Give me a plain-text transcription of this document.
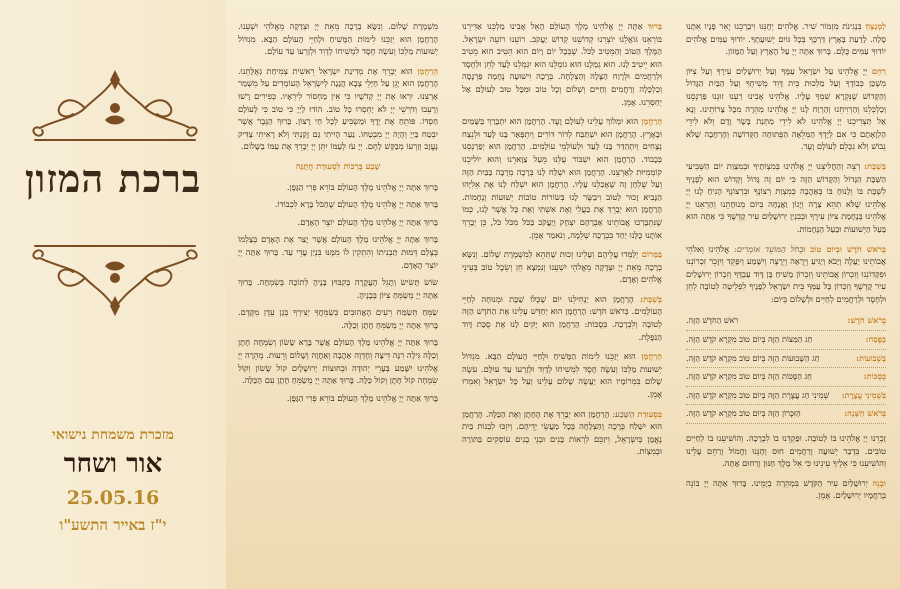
ברכת המזון
מזכרת משמחת נישואי
אור ושחר
25.05.16
י"ז באייר התשע"ו

מִשְׁמֶרֶת שָׁלוֹם. וְנִשָּׂא בְרָכָה מֵאֵת יְיָ וּצְדָקָה מֵאֱלֹהֵי יִשְׁעֵנוּ. הָרַחֲמָן הוּא יְזַכֵּנוּ לִימוֹת הַמָּשִׁיחַ וּלְחַיֵּי הָעוֹלָם הַבָּא. מִגְדּוֹל יְשׁוּעוֹת מַלְכּוֹ וְעֹשֶׂה חֶסֶד לִמְשִׁיחוֹ לְדָוִד וּלְזַרְעוֹ עַד עוֹלָם.

הָרַחֲמָן הוּא יְבָרֵךְ אֶת מְדִינַת יִשְׂרָאֵל רֵאשִׁית צְמִיחַת גְּאֻלָּתֵנוּ. הָרַחֲמָן הוּא יָגֵן עַל חַיָּלֵי צְבָא הֲגָנָה לְיִשְׂרָאֵל הָעוֹמְדִים עַל מִשְׁמַר אַרְצֵנוּ. יִרְאוּ אֶת יְיָ קְדֹשָׁיו כִּי אֵין מַחְסוֹר לִירֵאָיו. כְּפִירִים רָשׁוּ וְרָעֵבוּ וְדֹרְשֵׁי יְיָ לֹא יַחְסְרוּ כָל טוֹב. הוֹדוּ לַיְיָ כִּי טוֹב כִּי לְעוֹלָם חַסְדּוֹ. פּוֹתֵחַ אֶת יָדֶךָ וּמַשְׂבִּיעַ לְכָל חַי רָצוֹן. בָּרוּךְ הַגֶּבֶר אֲשֶׁר יִבְטַח בַּיְיָ וְהָיָה יְיָ מִבְטַחוֹ. נַעַר הָיִיתִי גַּם זָקַנְתִּי וְלֹא רָאִיתִי צַדִּיק נֶעֱזָב וְזַרְעוֹ מְבַקֶּשׁ לָחֶם. יְיָ עֹז לְעַמּוֹ יִתֵּן יְיָ יְבָרֵךְ אֶת עַמּוֹ בַשָּׁלוֹם.

שֶׁבַע בְּרָכוֹת לִסְעוּדַת חֲתֻנָּה

בָּרוּךְ אַתָּה יְיָ אֱלֹהֵינוּ מֶלֶךְ הָעוֹלָם בּוֹרֵא פְּרִי הַגָּפֶן.

בָּרוּךְ אַתָּה יְיָ אֱלֹהֵינוּ מֶלֶךְ הָעוֹלָם שֶׁהַכֹּל בָּרָא לִכְבוֹדוֹ.

בָּרוּךְ אַתָּה יְיָ אֱלֹהֵינוּ מֶלֶךְ הָעוֹלָם יוֹצֵר הָאָדָם.

בָּרוּךְ אַתָּה יְיָ אֱלֹהֵינוּ מֶלֶךְ הָעוֹלָם אֲשֶׁר יָצַר אֶת הָאָדָם בְּצַלְמוֹ בְּצֶלֶם דְּמוּת תַּבְנִיתוֹ וְהִתְקִין לוֹ מִמֶּנּוּ בִּנְיַן עֲדֵי עַד. בָּרוּךְ אַתָּה יְיָ יוֹצֵר הָאָדָם.

שׂוֹשׂ תָּשִׂישׂ וְתָגֵל הָעֲקָרָה בְּקִבּוּץ בָּנֶיהָ לְתוֹכָהּ בְּשִׂמְחָה. בָּרוּךְ אַתָּה יְיָ מְשַׂמֵּחַ צִיּוֹן בְּבָנֶיהָ.

שַׂמֵּחַ תְּשַׂמַּח רֵעִים הָאֲהוּבִים כְּשַׂמֵּחֲךָ יְצִירְךָ בְּגַן עֵדֶן מִקֶּדֶם. בָּרוּךְ אַתָּה יְיָ מְשַׂמֵּחַ חָתָן וְכַלָּה.

בָּרוּךְ אַתָּה יְיָ אֱלֹהֵינוּ מֶלֶךְ הָעוֹלָם אֲשֶׁר בָּרָא שָׂשׂוֹן וְשִׂמְחָה חָתָן וְכַלָּה גִּילָה רִנָּה דִּיצָה וְחֶדְוָה אַהֲבָה וְאַחֲוָה וְשָׁלוֹם וְרֵעוּת. מְהֵרָה יְיָ אֱלֹהֵינוּ יִשָּׁמַע בְּעָרֵי יְהוּדָה וּבְחוּצוֹת יְרוּשָׁלָיִם קוֹל שָׂשׂוֹן וְקוֹל שִׂמְחָה קוֹל חָתָן וְקוֹל כַּלָּה. בָּרוּךְ אַתָּה יְיָ מְשַׂמֵּחַ חָתָן עִם הַכַּלָּה.

בָּרוּךְ אַתָּה יְיָ אֱלֹהֵינוּ מֶלֶךְ הָעוֹלָם בּוֹרֵא פְּרִי הַגָּפֶן.

בָּרוּךְ אַתָּה יְיָ אֱלֹהֵינוּ מֶלֶךְ הָעוֹלָם הָאֵל אָבִינוּ מַלְכֵּנוּ אַדִּירֵנוּ בּוֹרְאֵנוּ גּוֹאֲלֵנוּ יוֹצְרֵנוּ קְדוֹשֵׁנוּ קְדוֹשׁ יַעֲקֹב. רוֹעֵנוּ רוֹעֵה יִשְׂרָאֵל. הַמֶּלֶךְ הַטּוֹב וְהַמֵּטִיב לַכֹּל. שֶׁבְּכָל יוֹם וָיוֹם הוּא הֵטִיב הוּא מֵטִיב הוּא יֵיטִיב לָנוּ. הוּא גְמָלָנוּ הוּא גוֹמְלֵנוּ הוּא יִגְמְלֵנוּ לָעַד לְחֵן וּלְחֶסֶד וּלְרַחֲמִים וּלְרֶוַח הַצָּלָה וְהַצְלָחָה. בְּרָכָה וִישׁוּעָה נֶחָמָה פַּרְנָסָה וְכַלְכָּלָה וְרַחֲמִים וְחַיִּים וְשָׁלוֹם וְכָל טוֹב וּמִכָּל טוּב לְעוֹלָם אַל יְחַסְּרֵנוּ. אָמֵן.

הָרַחֲמָן הוּא יִמְלוֹךְ עָלֵינוּ לְעוֹלָם וָעֶד. הָרַחֲמָן הוּא יִתְבָּרַךְ בַּשָּׁמַיִם וּבָאָרֶץ. הָרַחֲמָן הוּא יִשְׁתַּבַּח לְדוֹר דּוֹרִים וְיִתְפָּאַר בָּנוּ לָעַד וּלְנֵצַח נְצָחִים וְיִתְהַדַּר בָּנוּ לָעַד וּלְעוֹלְמֵי עוֹלָמִים. הָרַחֲמָן הוּא יְפַרְנְסֵנוּ בְּכָבוֹד. הָרַחֲמָן הוּא יִשְׁבּוֹר עֻלֵּנוּ מֵעַל צַוָּארֵנוּ וְהוּא יוֹלִיכֵנוּ קוֹמְמִיּוּת לְאַרְצֵנוּ. הָרַחֲמָן הוּא יִשְׁלַח לָנוּ בְּרָכָה מְרֻבָּה בַּבַּיִת הַזֶּה וְעַל שֻׁלְחָן זֶה שֶׁאָכַלְנוּ עָלָיו. הָרַחֲמָן הוּא יִשְׁלַח לָנוּ אֶת אֵלִיָּהוּ הַנָּבִיא זָכוּר לַטּוֹב וִיבַשֶּׂר לָנוּ בְּשׂוֹרוֹת טוֹבוֹת יְשׁוּעוֹת וְנֶחָמוֹת. הָרַחֲמָן הוּא יְבָרֵךְ אֶת בַּעֲלִי וְאֶת אִשְׁתִּי וְאֶת כָּל אֲשֶׁר לָנוּ, כְּמוֹ שֶׁנִּתְבָּרְכוּ אֲבוֹתֵינוּ אַבְרָהָם יִצְחָק וְיַעֲקֹב בַּכֹּל מִכֹּל כֹּל, כֵּן יְבָרֵךְ אוֹתָנוּ כֻּלָּנוּ יַחַד בִּבְרָכָה שְׁלֵמָה, וְנֹאמַר אָמֵן.

בַּמָּרוֹם יְלַמְּדוּ עֲלֵיהֶם וְעָלֵינוּ זְכוּת שֶׁתְּהֵא לְמִשְׁמֶרֶת שָׁלוֹם. וְנִשָּׂא בְרָכָה מֵאֵת יְיָ וּצְדָקָה מֵאֱלֹהֵי יִשְׁעֵנוּ וְנִמְצָא חֵן וְשֵׂכֶל טוֹב בְּעֵינֵי אֱלֹהִים וְאָדָם.

בְּשַׁבָּת: הָרַחֲמָן הוּא יַנְחִילֵנוּ יוֹם שֶׁכֻּלּוֹ שַׁבָּת וּמְנוּחָה לְחַיֵּי הָעוֹלָמִים. בְּרֹאשׁ חֹדֶשׁ: הָרַחֲמָן הוּא יְחַדֵּשׁ עָלֵינוּ אֶת הַחֹדֶשׁ הַזֶּה לְטוֹבָה וְלִבְרָכָה. בְּסֻכּוֹת: הָרַחֲמָן הוּא יָקִים לָנוּ אֶת סֻכַּת דָּוִד הַנֹּפָלֶת.

הָרַחֲמָן הוּא יְזַכֵּנוּ לִימוֹת הַמָּשִׁיחַ וּלְחַיֵּי הָעוֹלָם הַבָּא. מִגְדּוֹל יְשׁוּעוֹת מַלְכּוֹ וְעֹשֶׂה חֶסֶד לִמְשִׁיחוֹ לְדָוִד וּלְזַרְעוֹ עַד עוֹלָם. עֹשֶׂה שָׁלוֹם בִּמְרוֹמָיו הוּא יַעֲשֶׂה שָׁלוֹם עָלֵינוּ וְעַל כָּל יִשְׂרָאֵל וְאִמְרוּ אָמֵן.

בִּסְעוּדַת הַשֶּׁבַע: הָרַחֲמָן הוּא יְבָרֵךְ אֶת הֶחָתָן וְאֶת הַכַּלָּה. הָרַחֲמָן הוּא יִשְׁלַח בְּרָכָה וְהַצְלָחָה בְּכָל מַעֲשֵׂי יְדֵיהֶם. וְיִזְכּוּ לִבְנוֹת בַּיִת נֶאֱמָן בְּיִשְׂרָאֵל, וִיזַכֵּם לִרְאוֹת בָּנִים וּבְנֵי בָנִים עוֹסְקִים בַּתּוֹרָה וּבְמִצְוֹת.

לַמְנַצֵּחַ בִּנְגִינֹת מִזְמוֹר שִׁיר. אֱלֹהִים יְחָנֵּנוּ וִיבָרְכֵנוּ יָאֵר פָּנָיו אִתָּנוּ סֶלָה. לָדַעַת בָּאָרֶץ דַּרְכֶּךָ בְּכָל גּוֹיִם יְשׁוּעָתֶךָ. יוֹדוּךָ עַמִּים אֱלֹהִים יוֹדוּךָ עַמִּים כֻּלָּם. בָּרוּךְ אַתָּה יְיָ עַל הָאָרֶץ וְעַל הַמָּזוֹן.

רַחֵם יְיָ אֱלֹהֵינוּ עַל יִשְׂרָאֵל עַמֶּךָ וְעַל יְרוּשָׁלַיִם עִירֶךָ וְעַל צִיּוֹן מִשְׁכַּן כְּבוֹדֶךָ וְעַל מַלְכוּת בֵּית דָּוִד מְשִׁיחֶךָ וְעַל הַבַּיִת הַגָּדוֹל וְהַקָּדוֹשׁ שֶׁנִּקְרָא שִׁמְךָ עָלָיו. אֱלֹהֵינוּ אָבִינוּ רְעֵנוּ זוּנֵנוּ פַּרְנְסֵנוּ וְכַלְכְּלֵנוּ וְהַרְוִיחֵנוּ וְהַרְוַח לָנוּ יְיָ אֱלֹהֵינוּ מְהֵרָה מִכָּל צָרוֹתֵינוּ. וְנָא אַל תַּצְרִיכֵנוּ יְיָ אֱלֹהֵינוּ לֹא לִידֵי מַתְּנַת בָּשָׂר וָדָם וְלֹא לִידֵי הַלְוָאָתָם כִּי אִם לְיָדְךָ הַמְּלֵאָה הַפְּתוּחָה הַקְּדוֹשָׁה וְהָרְחָבָה שֶׁלֹּא נֵבוֹשׁ וְלֹא נִכָּלֵם לְעוֹלָם וָעֶד.

בְּשַׁבָּת: רְצֵה וְהַחֲלִיצֵנוּ יְיָ אֱלֹהֵינוּ בְּמִצְוֹתֶיךָ וּבְמִצְוַת יוֹם הַשְּׁבִיעִי הַשַּׁבָּת הַגָּדוֹל וְהַקָּדוֹשׁ הַזֶּה כִּי יוֹם זֶה גָּדוֹל וְקָדוֹשׁ הוּא לְפָנֶיךָ לִשְׁבָּת בּוֹ וְלָנוּחַ בּוֹ בְּאַהֲבָה כְּמִצְוַת רְצוֹנֶךָ וּבִרְצוֹנְךָ הָנִיחַ לָנוּ יְיָ אֱלֹהֵינוּ שֶׁלֹּא תְהֵא צָרָה וְיָגוֹן וַאֲנָחָה בְּיוֹם מְנוּחָתֵנוּ וְהַרְאֵנוּ יְיָ אֱלֹהֵינוּ בְּנֶחָמַת צִיּוֹן עִירֶךָ וּבְבִנְיַן יְרוּשָׁלַיִם עִיר קָדְשֶׁךָ כִּי אַתָּה הוּא בַּעַל הַיְשׁוּעוֹת וּבַעַל הַנֶּחָמוֹת.

בְּרֹאשׁ חֹדֶשׁ וּבְיוֹם טוֹב וּבְחֹל הַמּוֹעֵד אוֹמְרִים: אֱלֹהֵינוּ וֵאלֹהֵי אֲבוֹתֵינוּ יַעֲלֶה וְיָבֹא וְיַגִּיעַ וְיֵרָאֶה וְיֵרָצֶה וְיִשָּׁמַע וְיִפָּקֵד וְיִזָּכֵר זִכְרוֹנֵנוּ וּפִקְדוֹנֵנוּ וְזִכְרוֹן אֲבוֹתֵינוּ וְזִכְרוֹן מָשִׁיחַ בֶּן דָּוִד עַבְדֶּךָ וְזִכְרוֹן יְרוּשָׁלַיִם עִיר קָדְשֶׁךָ וְזִכְרוֹן כָּל עַמְּךָ בֵּית יִשְׂרָאֵל לְפָנֶיךָ לִפְלֵיטָה לְטוֹבָה לְחֵן וּלְחֶסֶד וּלְרַחֲמִים לְחַיִּים וּלְשָׁלוֹם בְּיוֹם:

בְּרֹאשׁ חֹדֶשׁ:
רֹאשׁ הַחֹדֶשׁ הַזֶּה.
בְּפֶסַח:
חַג הַמַּצּוֹת הַזֶּה בְּיוֹם טוֹב מִקְרָא קֹדֶשׁ הַזֶּה.
בְּשָׁבוּעוֹת:
חַג הַשָּׁבוּעוֹת הַזֶּה בְּיוֹם טוֹב מִקְרָא קֹדֶשׁ הַזֶּה.
בְּסֻכּוֹת:
חַג הַסֻּכּוֹת הַזֶּה בְּיוֹם טוֹב מִקְרָא קֹדֶשׁ הַזֶּה.
בִּשְׁמִינִי עֲצֶרֶת:
שְׁמִינִי חַג עֲצֶרֶת הַזֶּה בְּיוֹם טוֹב מִקְרָא קֹדֶשׁ הַזֶּה.
בְּרֹאשׁ הַשָּׁנָה:
הַזִּכָּרוֹן הַזֶּה בְּיוֹם טוֹב מִקְרָא קֹדֶשׁ הַזֶּה.

זָכְרֵנוּ יְיָ אֱלֹהֵינוּ בּוֹ לְטוֹבָה. וּפָקְדֵנוּ בוֹ לִבְרָכָה. וְהוֹשִׁיעֵנוּ בוֹ לְחַיִּים טוֹבִים. בִּדְבַר יְשׁוּעָה וְרַחֲמִים חוּס וְחָנֵּנוּ וַחֲמוֹל וְרַחֵם עָלֵינוּ וְהוֹשִׁיעֵנוּ כִּי אֵלֶיךָ עֵינֵינוּ כִּי אֵל מֶלֶךְ חַנּוּן וְרַחוּם אָתָּה.

וּבְנֵה יְרוּשָׁלַיִם עִיר הַקֹּדֶשׁ בִּמְהֵרָה בְיָמֵינוּ. בָּרוּךְ אַתָּה יְיָ בּוֹנֵה בְרַחֲמָיו יְרוּשָׁלָיִם. אָמֵן.
